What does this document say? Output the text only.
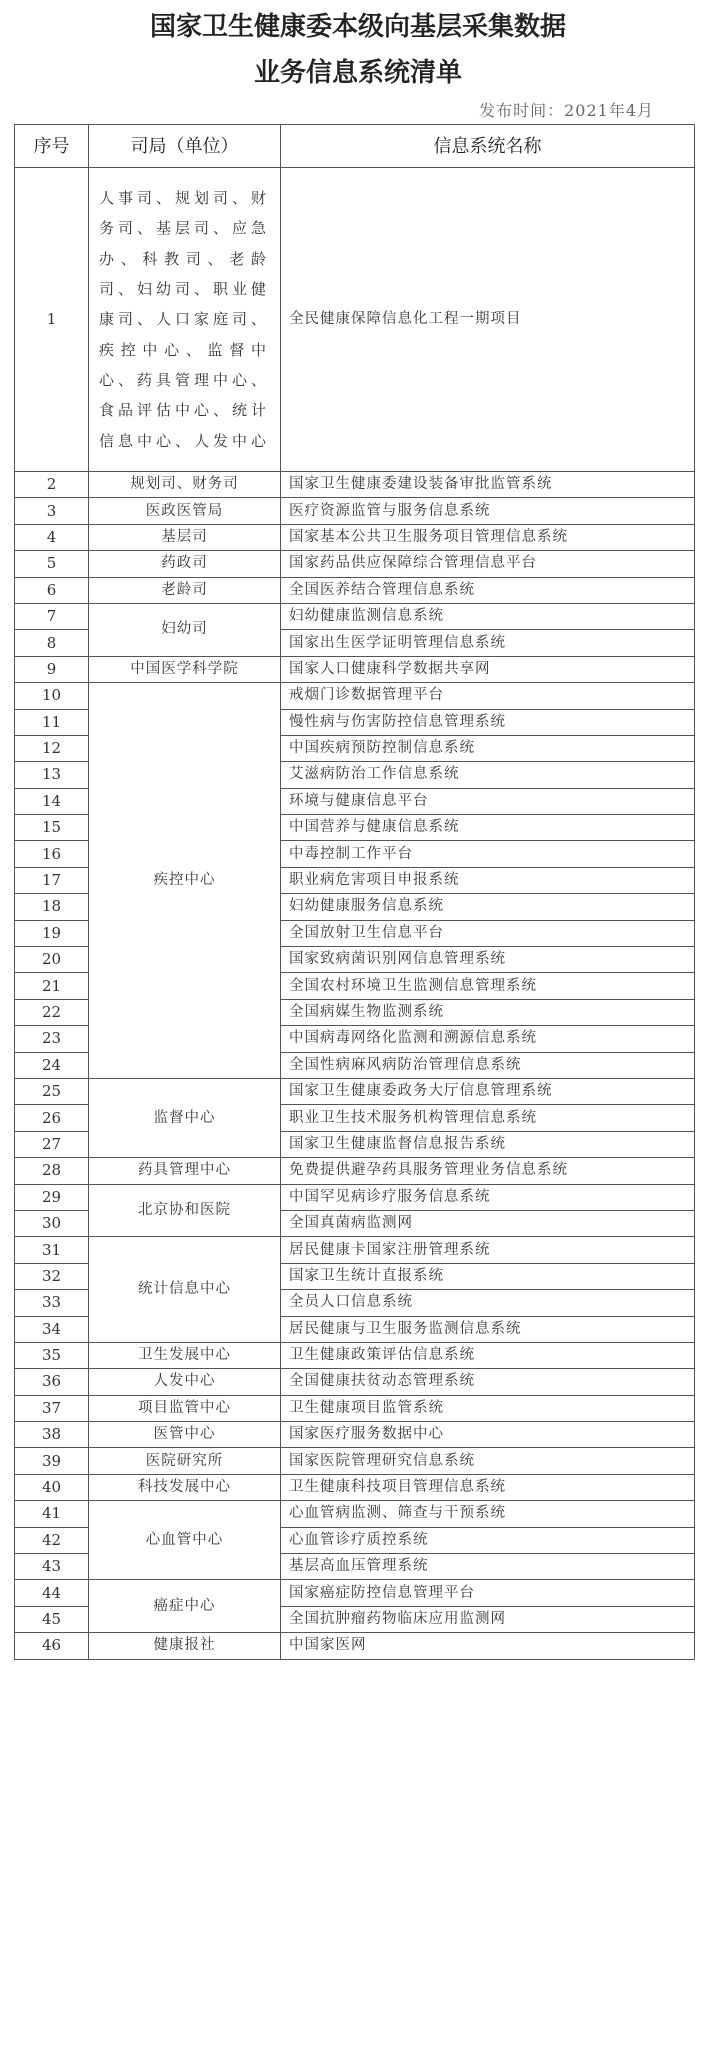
国家卫生健康委本级向基层采集数据
业务信息系统清单
发布时间：2021年4月
序号	司局（单位）	信息系统名称
1	人事司、规划司、财务司、基层司、应急办、科教司、老龄司、妇幼司、职业健康司、人口家庭司、疾控中心、监督中心、药具管理中心、食品评估中心、统计信息中心、人发中心	全民健康保障信息化工程一期项目
2	规划司、财务司	国家卫生健康委建设装备审批监管系统
3	医政医管局	医疗资源监管与服务信息系统
4	基层司	国家基本公共卫生服务项目管理信息系统
5	药政司	国家药品供应保障综合管理信息平台
6	老龄司	全国医养结合管理信息系统
7	妇幼司	妇幼健康监测信息系统
8		国家出生医学证明管理信息系统
9	中国医学科学院	国家人口健康科学数据共享网
10	疾控中心	戒烟门诊数据管理平台
11		慢性病与伤害防控信息管理系统
12		中国疾病预防控制信息系统
13		艾滋病防治工作信息系统
14		环境与健康信息平台
15		中国营养与健康信息系统
16		中毒控制工作平台
17		职业病危害项目申报系统
18		妇幼健康服务信息系统
19		全国放射卫生信息平台
20		国家致病菌识别网信息管理系统
21		全国农村环境卫生监测信息管理系统
22		全国病媒生物监测系统
23		中国病毒网络化监测和溯源信息系统
24		全国性病麻风病防治管理信息系统
25	监督中心	国家卫生健康委政务大厅信息管理系统
26		职业卫生技术服务机构管理信息系统
27		国家卫生健康监督信息报告系统
28	药具管理中心	免费提供避孕药具服务管理业务信息系统
29	北京协和医院	中国罕见病诊疗服务信息系统
30		全国真菌病监测网
31	统计信息中心	居民健康卡国家注册管理系统
32		国家卫生统计直报系统
33		全员人口信息系统
34		居民健康与卫生服务监测信息系统
35	卫生发展中心	卫生健康政策评估信息系统
36	人发中心	全国健康扶贫动态管理系统
37	项目监管中心	卫生健康项目监管系统
38	医管中心	国家医疗服务数据中心
39	医院研究所	国家医院管理研究信息系统
40	科技发展中心	卫生健康科技项目管理信息系统
41	心血管中心	心血管病监测、筛查与干预系统
42		心血管诊疗质控系统
43		基层高血压管理系统
44	癌症中心	国家癌症防控信息管理平台
45		全国抗肿瘤药物临床应用监测网
46	健康报社	中国家医网
